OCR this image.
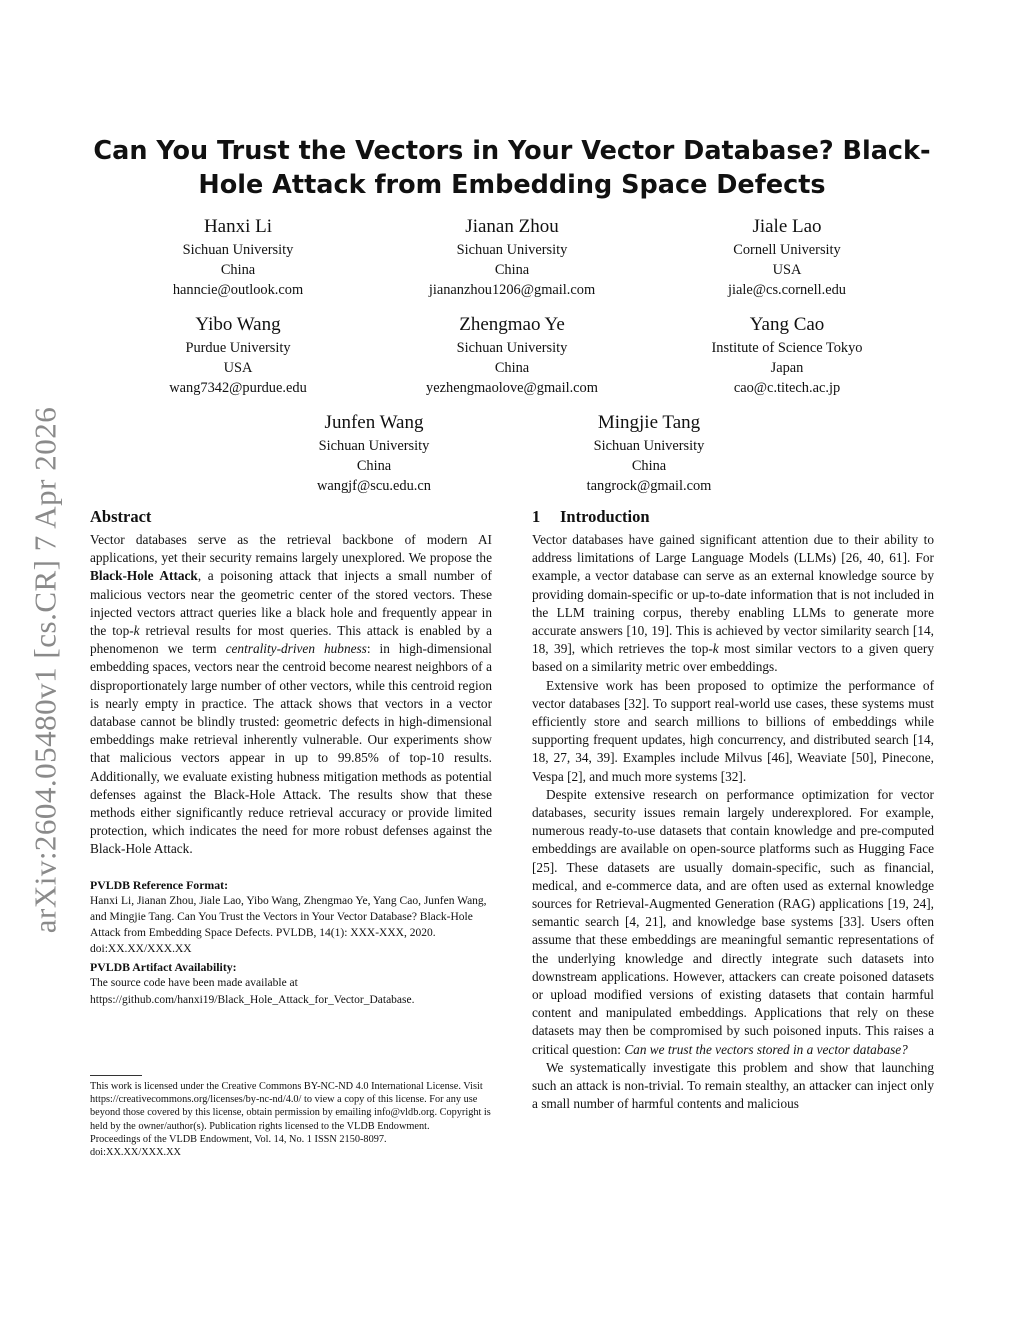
arXiv:2604.05480v1 [cs.CR] 7 Apr 2026
Can You Trust the Vectors in Your Vector Database? Black-Hole Attack from Embedding Space Defects
Hanxi Li
Sichuan University
China
hanncie@outlook.com
Jianan Zhou
Sichuan University
China
jiananzhou1206@gmail.com
Jiale Lao
Cornell University
USA
jiale@cs.cornell.edu
Yibo Wang
Purdue University
USA
wang7342@purdue.edu
Zhengmao Ye
Sichuan University
China
yezhengmaolove@gmail.com
Yang Cao
Institute of Science Tokyo
Japan
cao@c.titech.ac.jp
Junfen Wang
Sichuan University
China
wangjf@scu.edu.cn
Mingjie Tang
Sichuan University
China
tangrock@gmail.com
Abstract

Vector databases serve as the retrieval backbone of modern AI applications, yet their security remains largely unexplored. We propose the Black-Hole Attack, a poisoning attack that injects a small number of malicious vectors near the geometric center of the stored vectors. These injected vectors attract queries like a black hole and frequently appear in the top-k retrieval results for most queries. This attack is enabled by a phenomenon we term centrality-driven hubness: in high-dimensional embedding spaces, vectors near the centroid become nearest neighbors of a disproportionately large number of other vectors, while this centroid region is nearly empty in practice. The attack shows that vectors in a vector database cannot be blindly trusted: geometric defects in high-dimensional embeddings make retrieval inherently vulnerable. Our experiments show that malicious vectors appear in up to 99.85% of top-10 results. Additionally, we evaluate existing hubness mitigation methods as potential defenses against the Black-Hole Attack. The results show that these methods either significantly reduce retrieval accuracy or provide limited protection, which indicates the need for more robust defenses against the Black-Hole Attack.

PVLDB Reference Format:
Hanxi Li, Jianan Zhou, Jiale Lao, Yibo Wang, Zhengmao Ye, Yang Cao, Junfen Wang, and Mingjie Tang. Can You Trust the Vectors in Your Vector Database? Black-Hole Attack from Embedding Space Defects. PVLDB, 14(1): XXX-XXX, 2020.
doi:XX.XX/XXX.XX
PVLDB Artifact Availability:
The source code have been made available at https://github.com/hanxi19/Black_Hole_Attack_for_Vector_Database.
This work is licensed under the Creative Commons BY-NC-ND 4.0 International License. Visit https://creativecommons.org/licenses/by-nc-nd/4.0/ to view a copy of this license. For any use beyond those covered by this license, obtain permission by emailing info@vldb.org. Copyright is held by the owner/author(s). Publication rights licensed to the VLDB Endowment.
Proceedings of the VLDB Endowment, Vol. 14, No. 1 ISSN 2150-8097.
doi:XX.XX/XXX.XX
1 Introduction

Vector databases have gained significant attention due to their ability to address limitations of Large Language Models (LLMs) [26, 40, 61]. For example, a vector database can serve as an external knowledge source by providing domain-specific or up-to-date information that is not included in the LLM training corpus, thereby enabling LLMs to generate more accurate answers [10, 19]. This is achieved by vector similarity search [14, 18, 39], which retrieves the top-k most similar vectors to a given query based on a similarity metric over embeddings.

Extensive work has been proposed to optimize the performance of vector databases [32]. To support real-world use cases, these systems must efficiently store and search millions to billions of embeddings while supporting frequent updates, high concurrency, and distributed search [14, 18, 27, 34, 39]. Examples include Milvus [46], Weaviate [50], Pinecone, Vespa [2], and much more systems [32].

Despite extensive research on performance optimization for vector databases, security issues remain largely underexplored. For example, numerous ready-to-use datasets that contain knowledge and pre-computed embeddings are available on open-source platforms such as Hugging Face [25]. These datasets are usually domain-specific, such as financial, medical, and e-commerce data, and are often used as external knowledge sources for Retrieval-Augmented Generation (RAG) applications [19, 24], semantic search [4, 21], and knowledge base systems [33]. Users often assume that these embeddings are meaningful semantic representations of the underlying knowledge and directly integrate such datasets into downstream applications. However, attackers can create poisoned datasets or upload modified versions of existing datasets that contain harmful content and manipulated embeddings. Applications that rely on these datasets may then be compromised by such poisoned inputs. This raises a critical question: Can we trust the vectors stored in a vector database?

We systematically investigate this problem and show that launching such an attack is non-trivial. To remain stealthy, an attacker can inject only a small number of harmful contents and malicious
